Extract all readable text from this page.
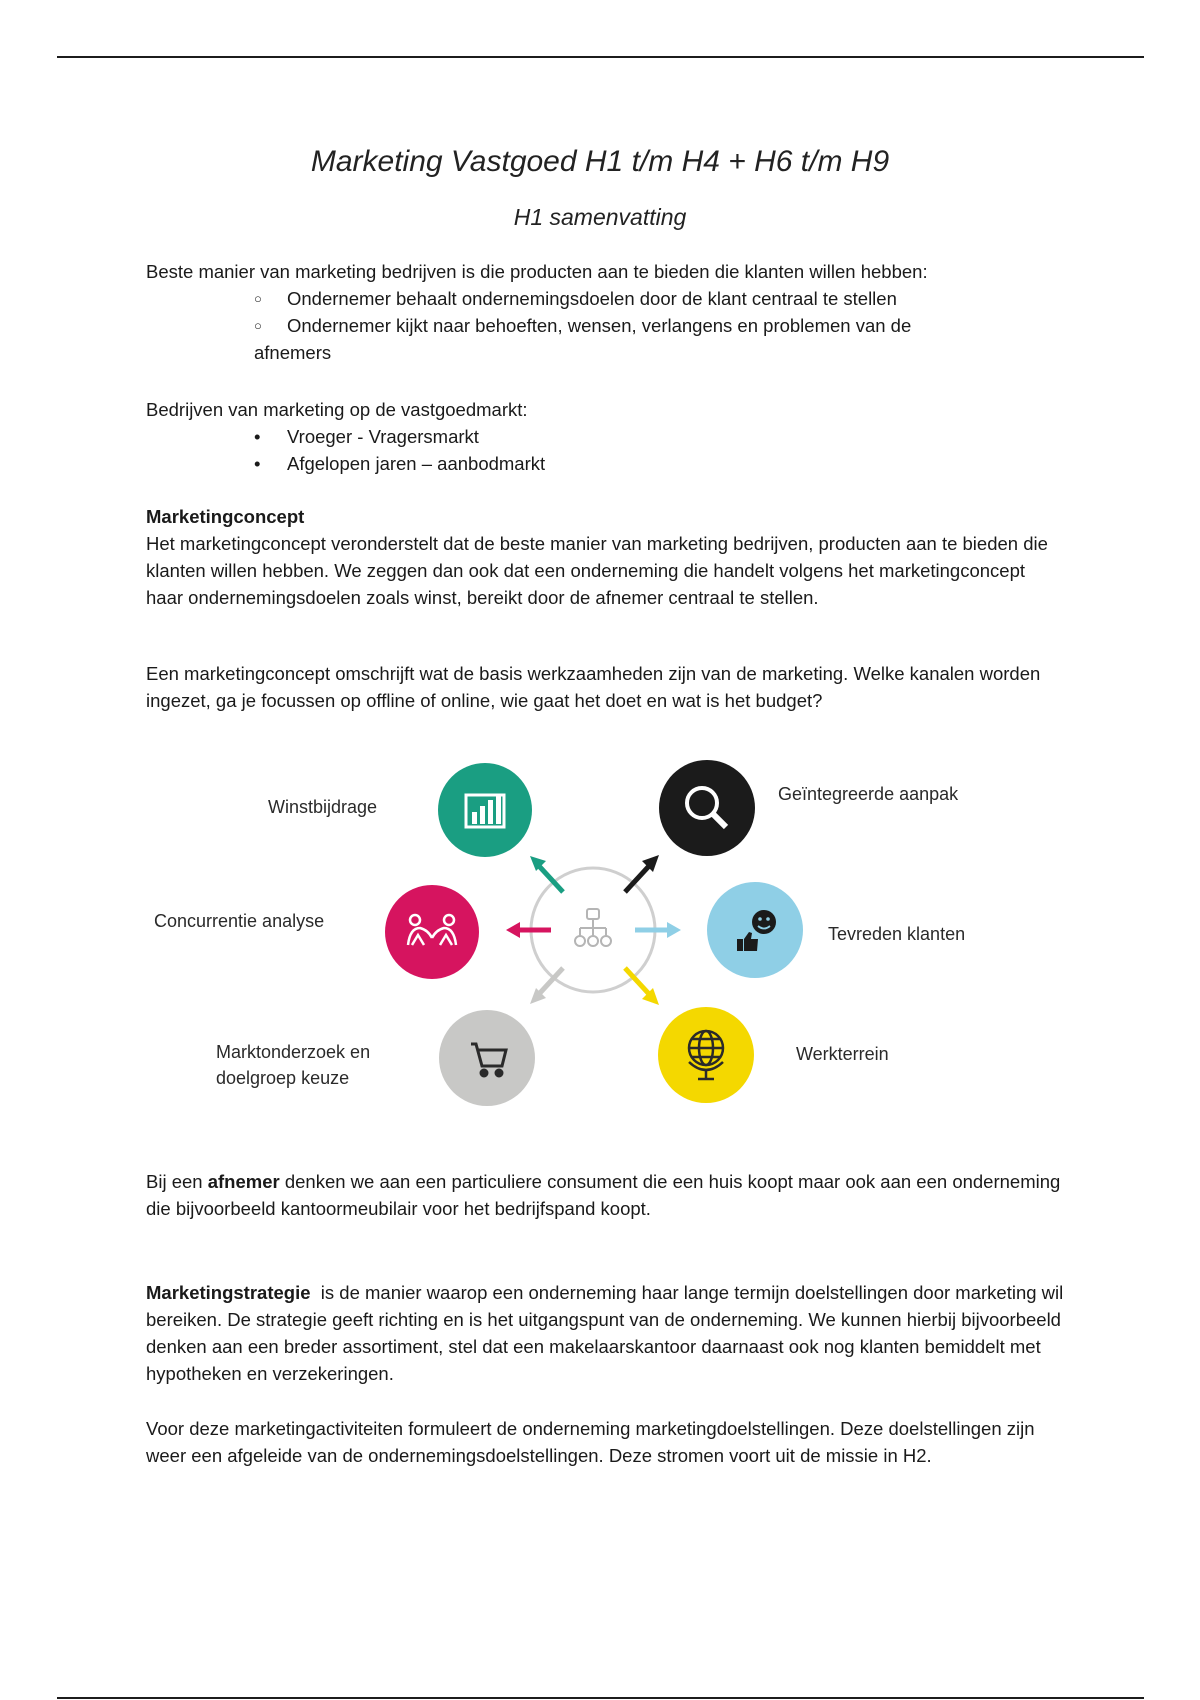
Marketing Vastgoed H1 t/m H4 + H6 t/m H9
H1 samenvatting

Beste manier van marketing bedrijven is die producten aan te bieden die klanten willen hebben:

○	Ondernemer behaalt ondernemingsdoelen door de klant centraal te stellen
○	Ondernemer kijkt naar behoeften, wensen, verlangens en problemen van de
afnemers

Bedrijven van marketing op de vastgoedmarkt:

•	Vroeger - Vragersmarkt
•	Afgelopen jaren – aanbodmarkt

Marketingconcept

Het marketingconcept veronderstelt dat de beste manier van marketing bedrijven, producten aan te bieden die klanten willen hebben. We zeggen dan ook dat een onderneming die handelt volgens het marketingconcept haar ondernemingsdoelen zoals winst, bereikt door de afnemer centraal te stellen.

Een marketingconcept omschrijft wat de basis werkzaamheden zijn van de marketing. Welke kanalen worden ingezet, ga je focussen op offline of online, wie gaat het doet en wat is het budget?

Winstbijdrage
Geïntegreerde aanpak
Concurrentie analyse
Tevreden klanten
Marktonderzoek en
doelgroep keuze
Werkterrein

Bij een afnemer denken we aan een particuliere consument die een huis koopt maar ook aan een onderneming die bijvoorbeeld kantoormeubilair voor het bedrijfspand koopt.

Marketingstrategie  is de manier waarop een onderneming haar lange termijn doelstellingen door marketing wil bereiken. De strategie geeft richting en is het uitgangspunt van de onderneming. We kunnen hierbij bijvoorbeeld denken aan een breder assortiment, stel dat een makelaarskantoor daarnaast ook nog klanten bemiddelt met hypotheken en verzekeringen.

Voor deze marketingactiviteiten formuleert de onderneming marketingdoelstellingen. Deze doelstellingen zijn weer een afgeleide van de ondernemingsdoelstellingen. Deze stromen voort uit de missie in H2.
